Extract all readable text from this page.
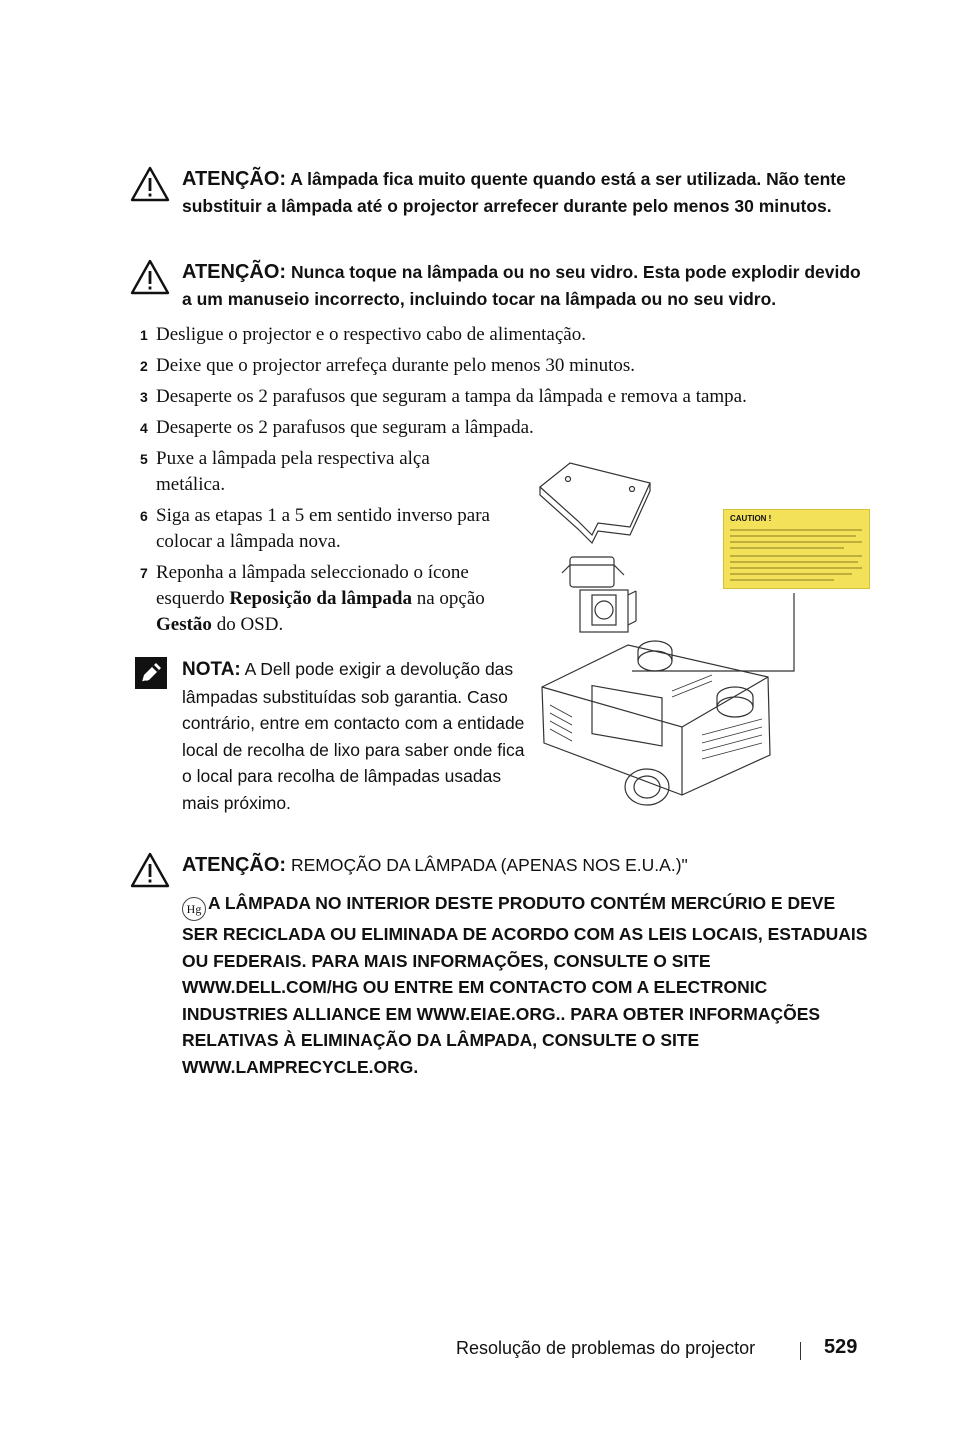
ATENÇÃO: A lâmpada fica muito quente quando está a ser utilizada. Não tente substituir a lâmpada até o projector arrefecer durante pelo menos 30 minutos.
ATENÇÃO: Nunca toque na lâmpada ou no seu vidro. Esta pode explodir devido a um manuseio incorrecto, incluindo tocar na lâmpada ou no seu vidro.
1 Desligue o projector e o respectivo cabo de alimentação.
2 Deixe que o projector arrefeça durante pelo menos 30 minutos.
3 Desaperte os 2 parafusos que seguram a tampa da lâmpada e remova a tampa.
4 Desaperte os 2 parafusos que seguram a lâmpada.
5 Puxe a lâmpada pela respectiva alça metálica.
6 Siga as etapas 1 a 5 em sentido inverso para colocar a lâmpada nova.
7 Reponha a lâmpada seleccionado o ícone esquerdo Reposição da lâmpada na opção Gestão do OSD.
NOTA: A Dell pode exigir a devolução das lâmpadas substituídas sob garantia. Caso contrário, entre em contacto com a entidade local de recolha de lixo para saber onde fica o local para recolha de lâmpadas usadas mais próximo.
CAUTION !
ATENÇÃO: REMOÇÃO DA LÂMPADA (APENAS NOS E.U.A.)"
Hg A LÂMPADA NO INTERIOR DESTE PRODUTO CONTÉM MERCÚRIO E DEVE SER RECICLADA OU ELIMINADA DE ACORDO COM AS LEIS LOCAIS, ESTADUAIS OU FEDERAIS. PARA MAIS INFORMAÇÕES, CONSULTE O SITE WWW.DELL.COM/HG OU ENTRE EM CONTACTO COM A ELECTRONIC INDUSTRIES ALLIANCE EM WWW.EIAE.ORG.. PARA OBTER INFORMAÇÕES RELATIVAS À ELIMINAÇÃO DA LÂMPADA, CONSULTE O SITE WWW.LAMPRECYCLE.ORG.
Resolução de problemas do projector	529
